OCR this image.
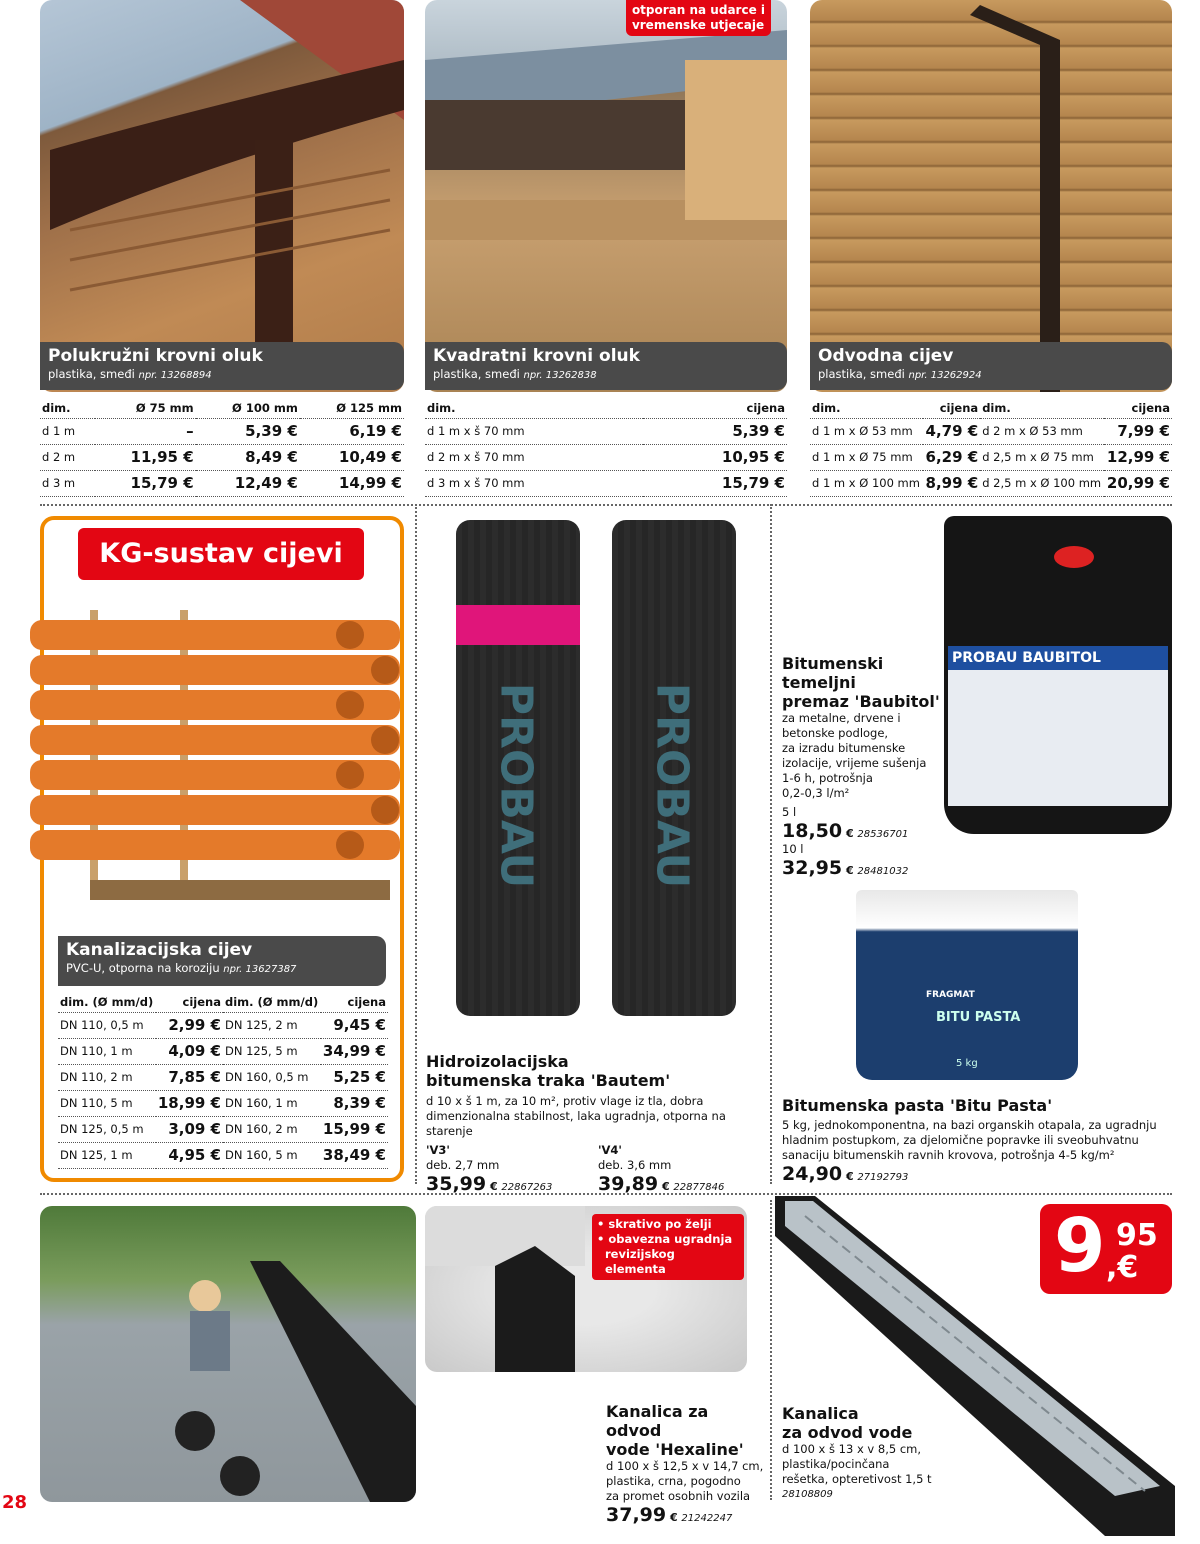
otporan na udarce i
vremenske utjecaje
Polukružni krovni oluk
plastika, smeđi npr. 13268894
Kvadratni krovni oluk
plastika, smeđi npr. 13262838
Odvodna cijev
plastika, smeđi npr. 13262924
dim.	Ø 75 mm	Ø 100 mm	Ø 125 mm
d 1 m	–	5,39 €	6,19 €
d 2 m	11,95 €	8,49 €	10,49 €
d 3 m	15,79 €	12,49 €	14,99 €
dim.	cijena
d 1 m x š 70 mm	5,39 €
d 2 m x š 70 mm	10,95 €
d 3 m x š 70 mm	15,79 €
dim.	cijena	dim.	cijena
d 1 m x Ø 53 mm	4,79 €	d 2 m x Ø 53 mm	7,99 €
d 1 m x Ø 75 mm	6,29 €	d 2,5 m x Ø 75 mm	12,99 €
d 1 m x Ø 100 mm	8,99 €	d 2,5 m x Ø 100 mm	20,99 €
KG-sustav cijevi
Kanalizacijska cijev
PVC-U, otporna na koroziju npr. 13627387
dim. (Ø mm/d)	cijena	dim. (Ø mm/d)	cijena
DN 110, 0,5 m	2,99 €	DN 125, 2 m	9,45 €
DN 110, 1 m	4,09 €	DN 125, 5 m	34,99 €
DN 110, 2 m	7,85 €	DN 160, 0,5 m	5,25 €
DN 110, 5 m	18,99 €	DN 160, 1 m	8,39 €
DN 125, 0,5 m	3,09 €	DN 160, 2 m	15,99 €
DN 125, 1 m	4,95 €	DN 160, 5 m	38,49 €
PROBAU PROBAU
Hidroizolacijska
bitumenska traka 'Bautem'
d 10 x š 1 m, za 10 m², protiv vlage iz tla, dobra dimenzionalna stabilnost, laka ugradnja, otporna na starenje
'V3'
deb. 2,7 mm
35,99 € 22867263
'V4'
deb. 3,6 mm
39,89 € 22877846
PROBAU BAUBITOL
Bitumenski temeljni
premaz 'Baubitol'
za metalne, drvene i
betonske podloge,
za izradu bitumenske
izolacije, vrijeme sušenja
1-6 h, potrošnja
0,2-0,3 l/m²
5 l
18,50 € 28536701
10 l
32,95 € 28481032
FRAGMAT
BITU PASTA
5 kg
Bitumenska pasta 'Bitu Pasta'
5 kg, jednokomponentna, na bazi organskih otapala, za ugradnju hladnim postupkom, za djelomične popravke ili sveobuhvatnu sanaciju bitumenskih ravnih krovova, potrošnja 4-5 kg/m²
24,90 € 27192793
• skrativo po želji
• obavezna ugradnja
revizijskog elementa
Kanalica za odvod
vode 'Hexaline'
d 100 x š 12,5 x v 14,7 cm,
plastika, crna, pogodno
za promet osobnih vozila
37,99 € 21242247
9 95
,€
Kanalica
za odvod vode
d 100 x š 13 x v 8,5 cm,
plastika/pocinčana
rešetka, opteretivost 1,5 t
28108809
28
